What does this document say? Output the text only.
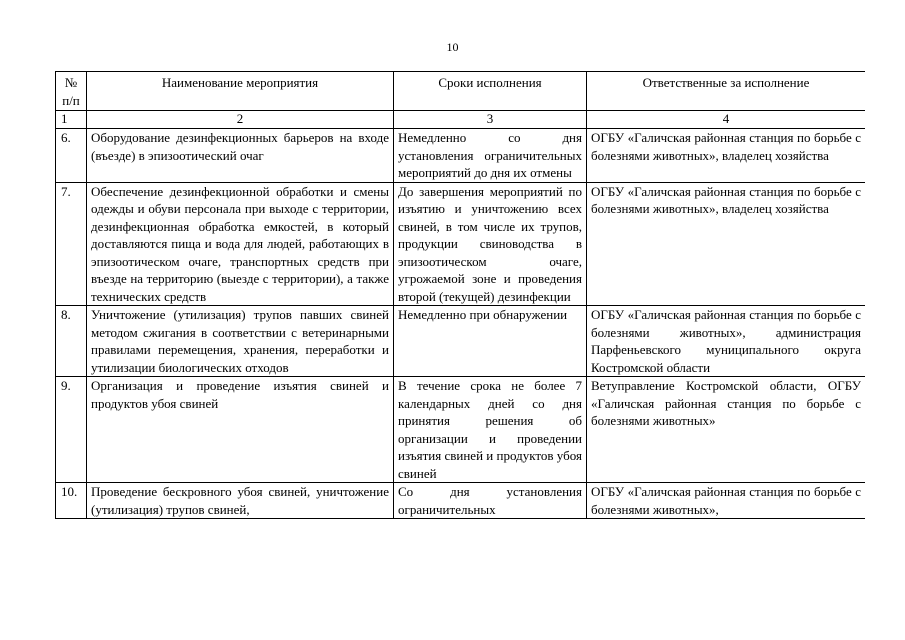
10
№ п/п	Наименование мероприятия	Сроки исполнения	Ответственные за исполнение
1	2	3	4
6.	Оборудование дезинфекционных барьеров на входе (въезде) в эпизоотический очаг	Немедленно со дня установления ограничительных мероприятий до дня их отмены	ОГБУ «Галичская районная станция по борьбе с болезнями животных», владелец хозяйства
7.	Обеспечение дезинфекционной обработки и смены одежды и обуви персонала при выходе с территории, дезинфекционная обработка емкостей, в который доставляются пища и вода для людей, работающих в эпизоотическом очаге, транспортных средств при въезде на территорию (выезде с территории), а также технических средств	До завершения мероприятий по изъятию и уничтожению всех свиней, в том числе их трупов, продукции свиноводства в эпизоотическом очаге, угрожаемой зоне и проведения второй (текущей) дезинфекции	ОГБУ «Галичская районная станция по борьбе с болезнями животных», владелец хозяйства
8.	Уничтожение (утилизация) трупов павших свиней методом сжигания в соответствии с ветеринарными правилами перемещения, хранения, переработки и утилизации биологических отходов	Немедленно при обнаружении	ОГБУ «Галичская районная станция по борьбе с болезнями животных», администрация Парфеньевского муниципального округа Костромской области
9.	Организация и проведение изъятия свиней и продуктов убоя свиней	В течение срока не более 7 календарных дней со дня принятия решения об организации и проведении изъятия свиней и продуктов убоя свиней	Ветуправление Костромской области, ОГБУ «Галичская районная станция по борьбе с болезнями животных»
10.	Проведение бескровного убоя свиней, уничтожение (утилизация) трупов свиней,	Со дня установления ограничительных	ОГБУ «Галичская районная станция по борьбе с болезнями животных»,
